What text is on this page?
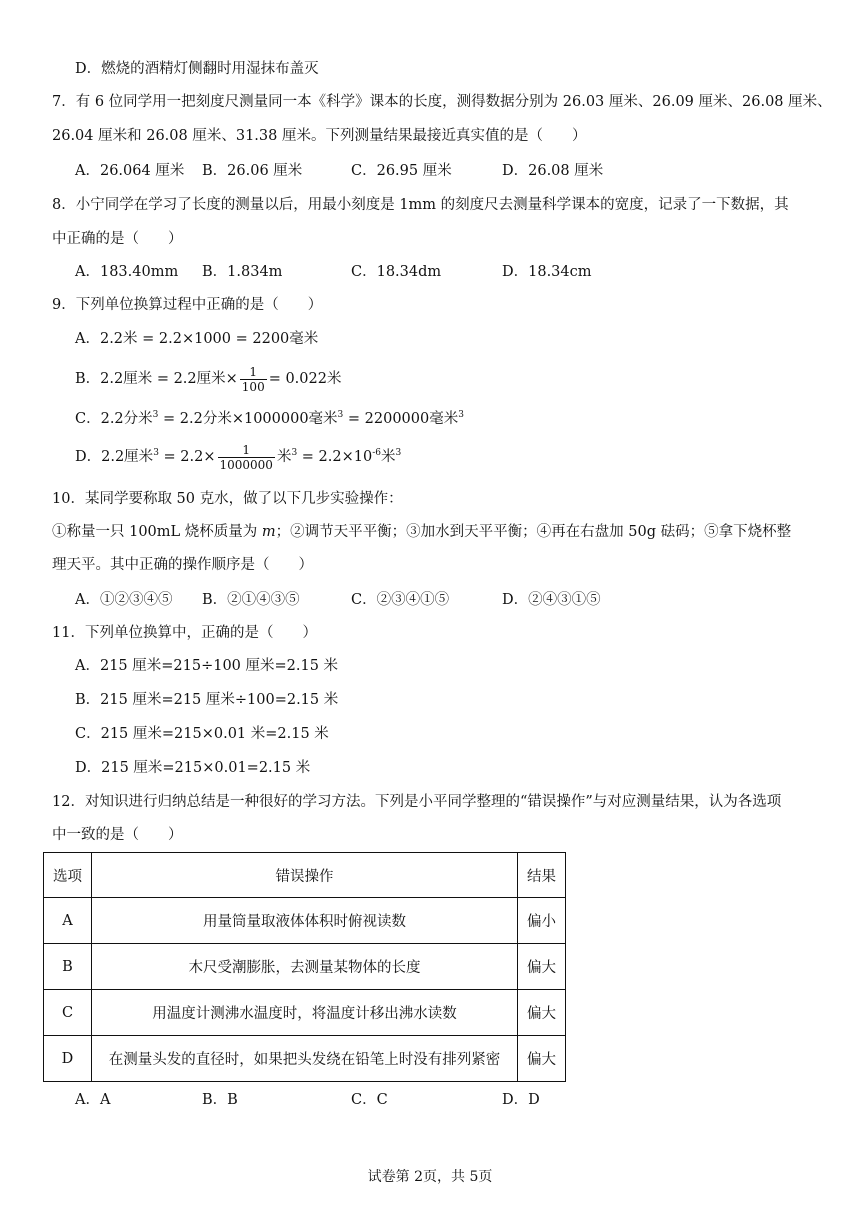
D．燃烧的酒精灯侧翻时用湿抹布盖灭
7．有 6 位同学用一把刻度尺测量同一本《科学》课本的长度，测得数据分别为 26.03 厘米、26.09 厘米、26.08 厘米、
26.04 厘米和 26.08 厘米、31.38 厘米。下列测量结果最接近真实值的是（　　）
A．26.064 厘米 B．26.06 厘米	C．26.95 厘米	D．26.08 厘米
8．小宁同学在学习了长度的测量以后，用最小刻度是 1mm 的刻度尺去测量科学课本的宽度，记录了一下数据，其
中正确的是（　　）
A．183.40mm B．1.834m	C．18.34dm	D．18.34cm
9．下列单位换算过程中正确的是（　　）
A．2.2米 = 2.2×1000 = 2200毫米
B．2.2厘米 = 2.2厘米× $\frac{1}{100} = 0.022$米
C．2.2分米$^3$ = 2.2分米×1000000毫米$^3$ = 2200000毫米$^3$
D．2.2厘米$^3 = 2.2\times \frac{1}{1000000}$ 米$^3 = 2.2\times 10^{-6}$米$^3$
10．某同学要称取 50 克水，做了以下几步实验操作：
①称量一只 100mL 烧杯质量为 m；②调节天平平衡；③加水到天平平衡；④再在右盘加 50g 砝码；⑤拿下烧杯整
理天平。其中正确的操作顺序是（　　）
A．①②③④⑤ B．②①④③⑤	C．②③④①⑤	D．②④③①⑤
11．下列单位换算中，正确的是（　　）
A．215 厘米=215÷100 厘米=2.15 米
B．215 厘米=215 厘米÷100=2.15 米
C．215 厘米=215×0.01 米=2.15 米
D．215 厘米=215×0.01=2.15 米
12．对知识进行归纳总结是一种很好的学习方法。下列是小平同学整理的“错误操作”与对应测量结果，认为各选项
中一致的是（　　）
选项	错误操作	结果
A	用量筒量取液体体积时俯视读数	偏小
B	木尺受潮膨胀，去测量某物体的长度	偏大
C	用温度计测沸水温度时，将温度计移出沸水读数	偏大
D	在测量头发的直径时，如果把头发绕在铅笔上时没有排列紧密	偏大
A．A	B．B	C．C	D．D
试卷第 2页，共 5页
